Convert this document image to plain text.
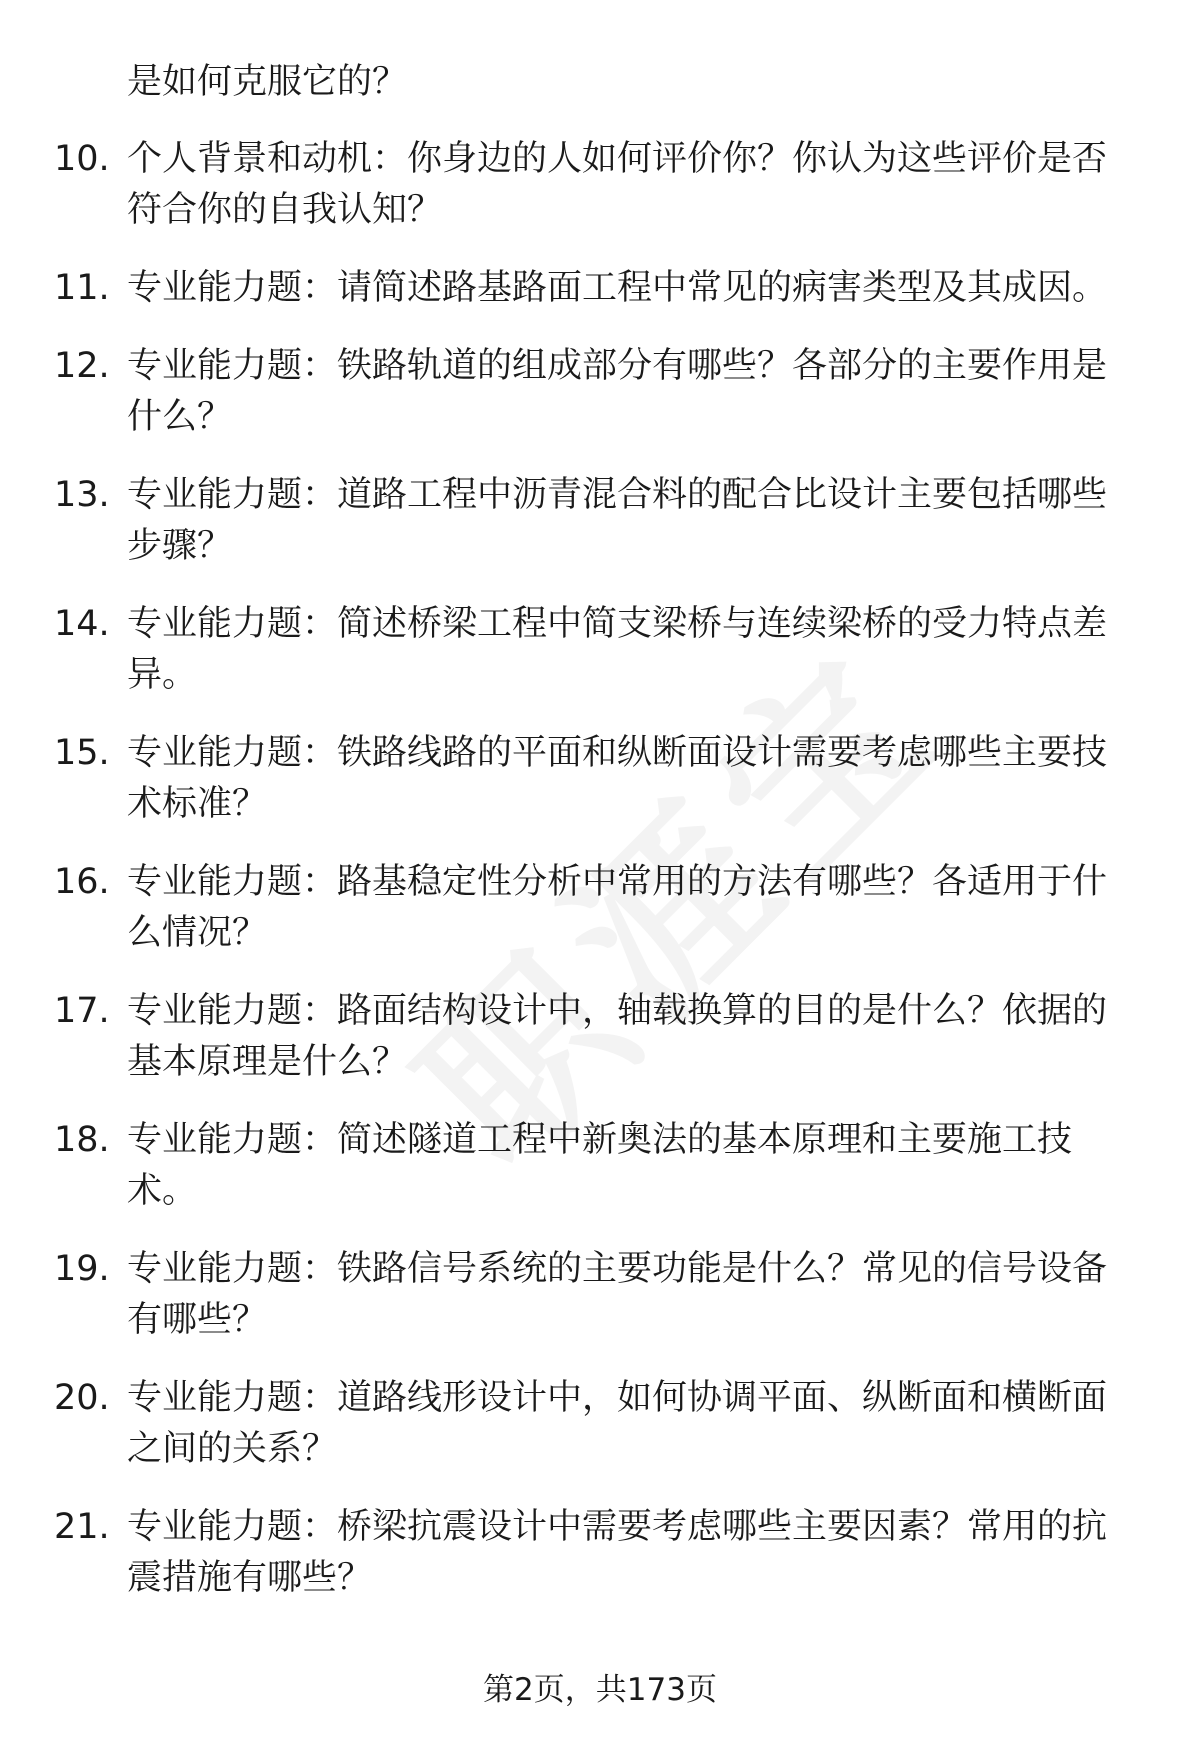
是如何克服它的？
10. 个人背景和动机：你身边的人如何评价你？你认为这些评价是否符合你的自我认知？
11. 专业能力题：请简述路基路面工程中常见的病害类型及其成因。
12. 专业能力题：铁路轨道的组成部分有哪些？各部分的主要作用是什么？
13. 专业能力题：道路工程中沥青混合料的配合比设计主要包括哪些步骤？
14. 专业能力题：简述桥梁工程中简支梁桥与连续梁桥的受力特点差异。
15. 专业能力题：铁路线路的平面和纵断面设计需要考虑哪些主要技术标准？
16. 专业能力题：路基稳定性分析中常用的方法有哪些？各适用于什么情况？
17. 专业能力题：路面结构设计中，轴载换算的目的是什么？依据的基本原理是什么？
18. 专业能力题：简述隧道工程中新奥法的基本原理和主要施工技术。
19. 专业能力题：铁路信号系统的主要功能是什么？常见的信号设备有哪些？
20. 专业能力题：道路线形设计中，如何协调平面、纵断面和横断面之间的关系？
21. 专业能力题：桥梁抗震设计中需要考虑哪些主要因素？常用的抗震措施有哪些？
第2页，共173页
